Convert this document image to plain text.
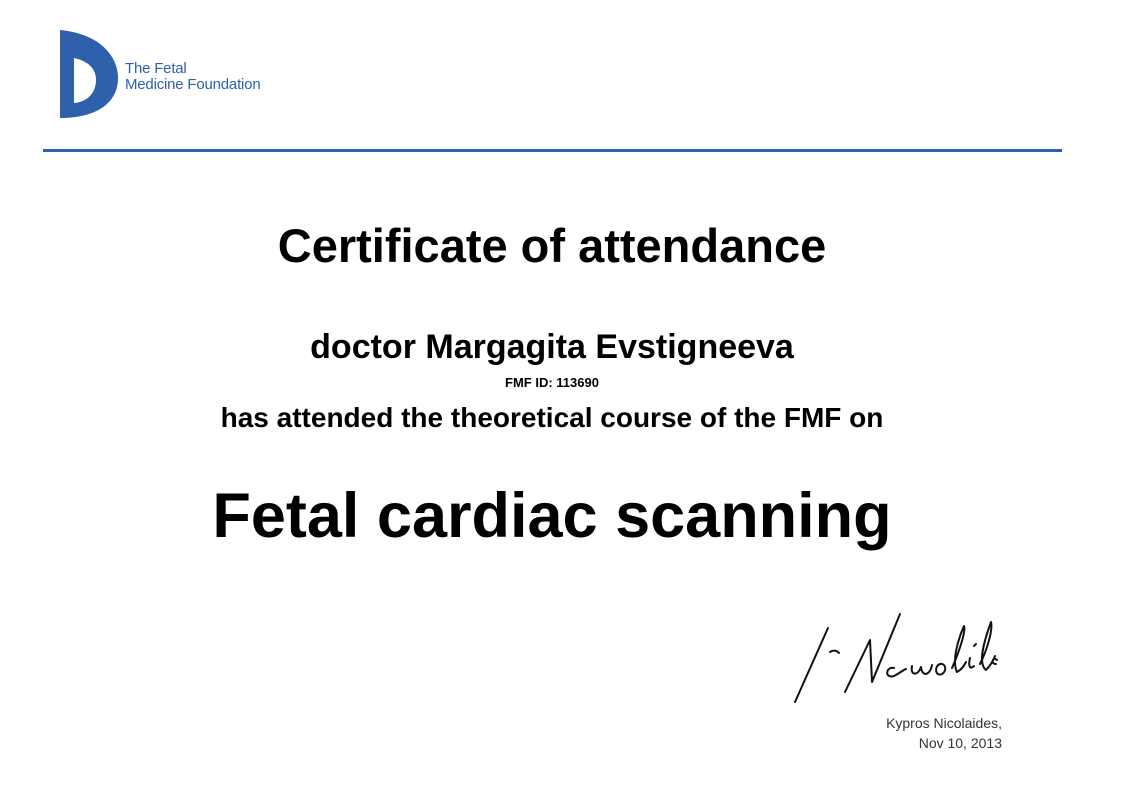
The Fetal
Medicine Foundation
Certificate of attendance
doctor Margagita Evstigneeva
FMF ID: 113690
has attended the theoretical course of the FMF on
Fetal cardiac scanning
Kypros Nicolaides,
Nov 10, 2013
